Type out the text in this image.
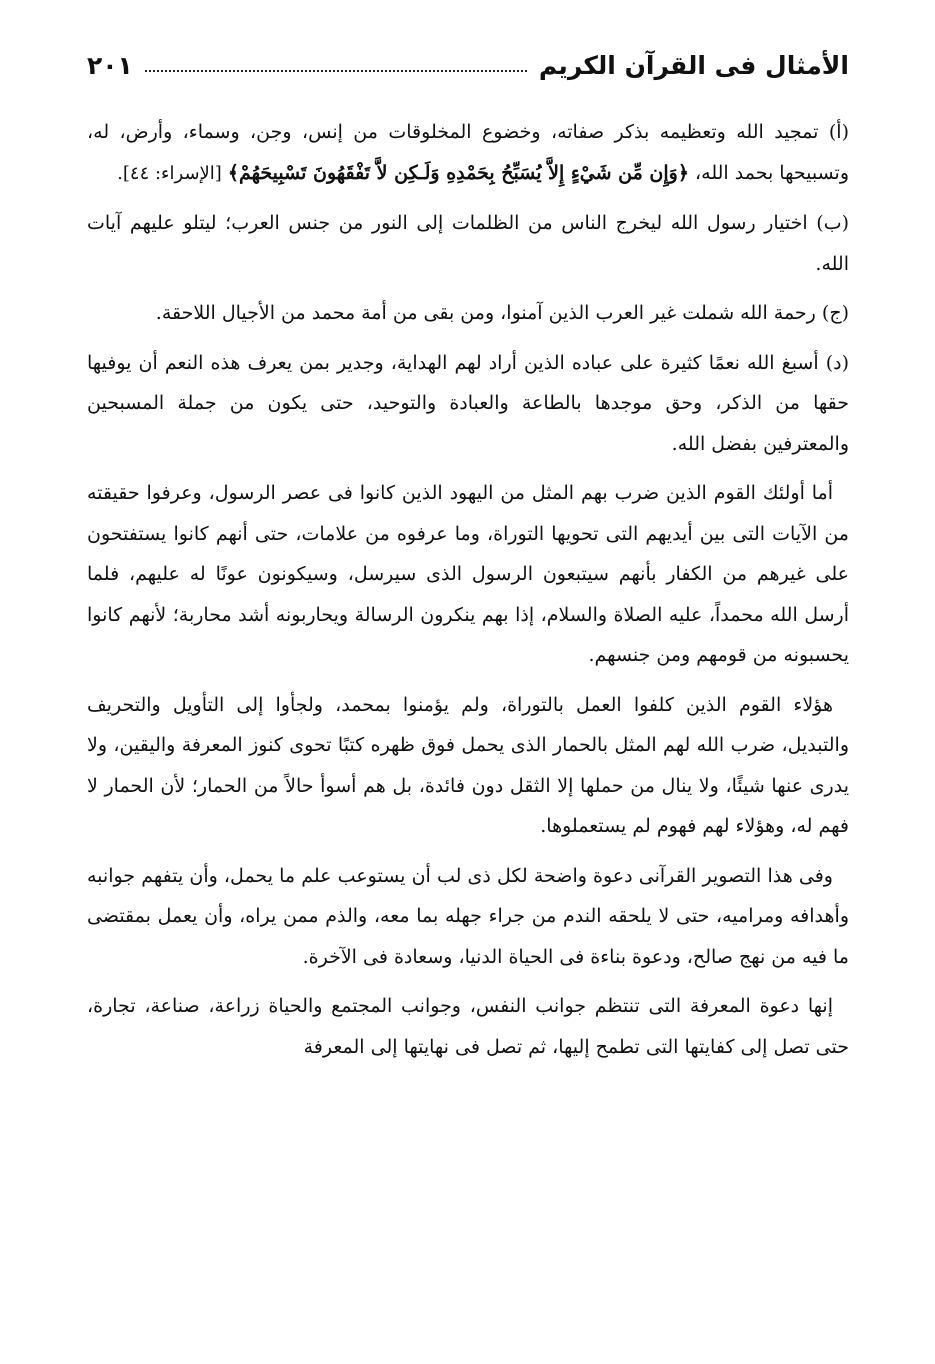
الأمثال فى القرآن الكريم
٢٠١

(أ) تمجيد الله وتعظيمه بذكر صفاته، وخضوع المخلوقات من إنس، وجن، وسماء، وأرض، له، وتسبيحها بحمد الله، ﴿وَإِن مِّن شَيْءٍ إِلاَّ يُسَبِّحُ بِحَمْدِهِ وَلَـكِن لاَّ تَفْقَهُونَ تَسْبِيحَهُمْ﴾ [الإسراء: ٤٤].

(ب) اختيار رسول الله ليخرج الناس من الظلمات إلى النور من جنس العرب؛ ليتلو عليهم آيات الله.

(ج) رحمة الله شملت غير العرب الذين آمنوا، ومن بقى من أمة محمد من الأجيال اللاحقة.

(د) أسبغ الله نعمًا كثيرة على عباده الذين أراد لهم الهداية، وجدير بمن يعرف هذه النعم أن يوفيها حقها من الذكر، وحق موجدها بالطاعة والعبادة والتوحيد، حتى يكون من جملة المسبحين والمعترفين بفضل الله.

أما أولئك القوم الذين ضرب بهم المثل من اليهود الذين كانوا فى عصر الرسول، وعرفوا حقيقته من الآيات التى بين أيديهم التى تحويها التوراة، وما عرفوه من علامات، حتى أنهم كانوا يستفتحون على غيرهم من الكفار بأنهم سيتبعون الرسول الذى سيرسل، وسيكونون عونًا له عليهم، فلما أرسل الله محمداً، عليه الصلاة والسلام، إذا بهم ينكرون الرسالة ويحاربونه أشد محاربة؛ لأنهم كانوا يحسبونه من قومهم ومن جنسهم.

هؤلاء القوم الذين كلفوا العمل بالتوراة، ولم يؤمنوا بمحمد، ولجأوا إلى التأويل والتحريف والتبديل، ضرب الله لهم المثل بالحمار الذى يحمل فوق ظهره كتبًا تحوى كنوز المعرفة واليقين، ولا يدرى عنها شيئًا، ولا ينال من حملها إلا الثقل دون فائدة، بل هم أسوأ حالاً من الحمار؛ لأن الحمار لا فهم له، وهؤلاء لهم فهوم لم يستعملوها.

وفى هذا التصوير القرآنى دعوة واضحة لكل ذى لب أن يستوعب علم ما يحمل، وأن يتفهم جوانبه وأهدافه ومراميه، حتى لا يلحقه الندم من جراء جهله بما معه، والذم ممن يراه، وأن يعمل بمقتضى ما فيه من نهج صالح، ودعوة بناءة فى الحياة الدنيا، وسعادة فى الآخرة.

إنها دعوة المعرفة التى تنتظم جوانب النفس، وجوانب المجتمع والحياة زراعة، صناعة، تجارة، حتى تصل إلى كفايتها التى تطمح إليها، ثم تصل فى نهايتها إلى المعرفة
